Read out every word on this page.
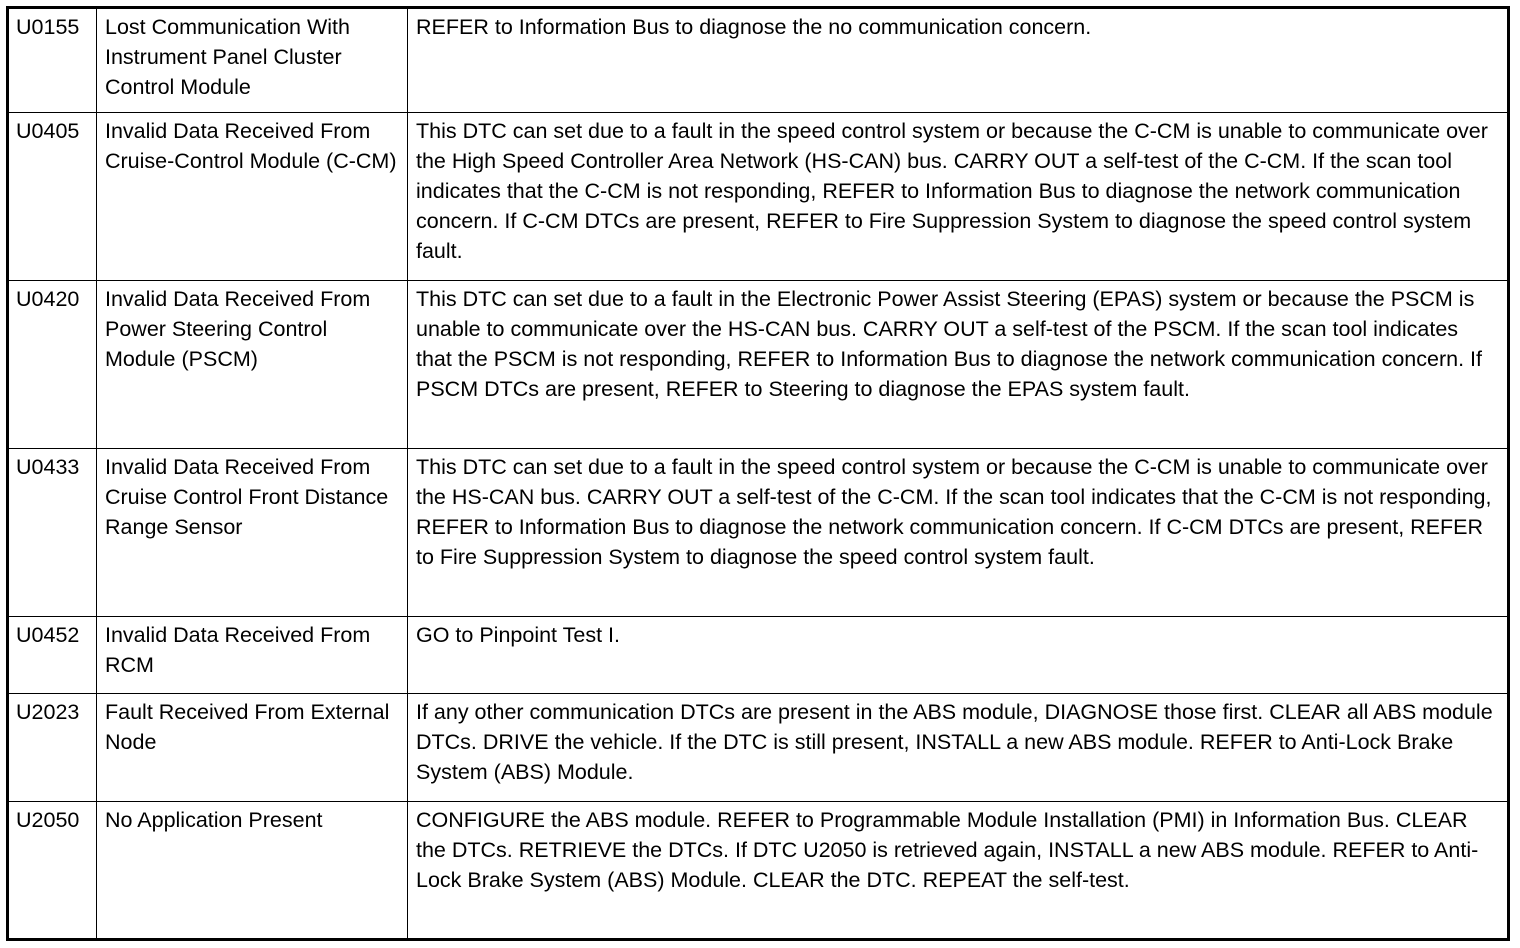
U0155	Lost Communication With Instrument Panel Cluster Control Module	REFER to Information Bus to diagnose the no communication concern.
U0405	Invalid Data Received From Cruise-Control Module (C-CM)	This DTC can set due to a fault in the speed control system or because the C-CM is unable to communicate over the High Speed Controller Area Network (HS-CAN) bus. CARRY OUT a self-test of the C-CM. If the scan tool indicates that the C-CM is not responding, REFER to Information Bus to diagnose the network communication concern. If C-CM DTCs are present, REFER to Fire Suppression System to diagnose the speed control system fault.
U0420	Invalid Data Received From Power Steering Control Module (PSCM)	This DTC can set due to a fault in the Electronic Power Assist Steering (EPAS) system or because the PSCM is unable to communicate over the HS-CAN bus. CARRY OUT a self-test of the PSCM. If the scan tool indicates that the PSCM is not responding, REFER to Information Bus to diagnose the network communication concern. If PSCM DTCs are present, REFER to Steering to diagnose the EPAS system fault.
U0433	Invalid Data Received From Cruise Control Front Distance Range Sensor	This DTC can set due to a fault in the speed control system or because the C-CM is unable to communicate over the HS-CAN bus. CARRY OUT a self-test of the C-CM. If the scan tool indicates that the C-CM is not responding, REFER to Information Bus to diagnose the network communication concern. If C-CM DTCs are present, REFER to Fire Suppression System to diagnose the speed control system fault.
U0452	Invalid Data Received From RCM	GO to Pinpoint Test I.
U2023	Fault Received From External Node	If any other communication DTCs are present in the ABS module, DIAGNOSE those first. CLEAR all ABS module DTCs. DRIVE the vehicle. If the DTC is still present, INSTALL a new ABS module. REFER to Anti-Lock Brake System (ABS) Module.
U2050	No Application Present	CONFIGURE the ABS module. REFER to Programmable Module Installation (PMI) in Information Bus. CLEAR the DTCs. RETRIEVE the DTCs. If DTC U2050 is retrieved again, INSTALL a new ABS module. REFER to Anti-Lock Brake System (ABS) Module. CLEAR the DTC. REPEAT the self-test.
